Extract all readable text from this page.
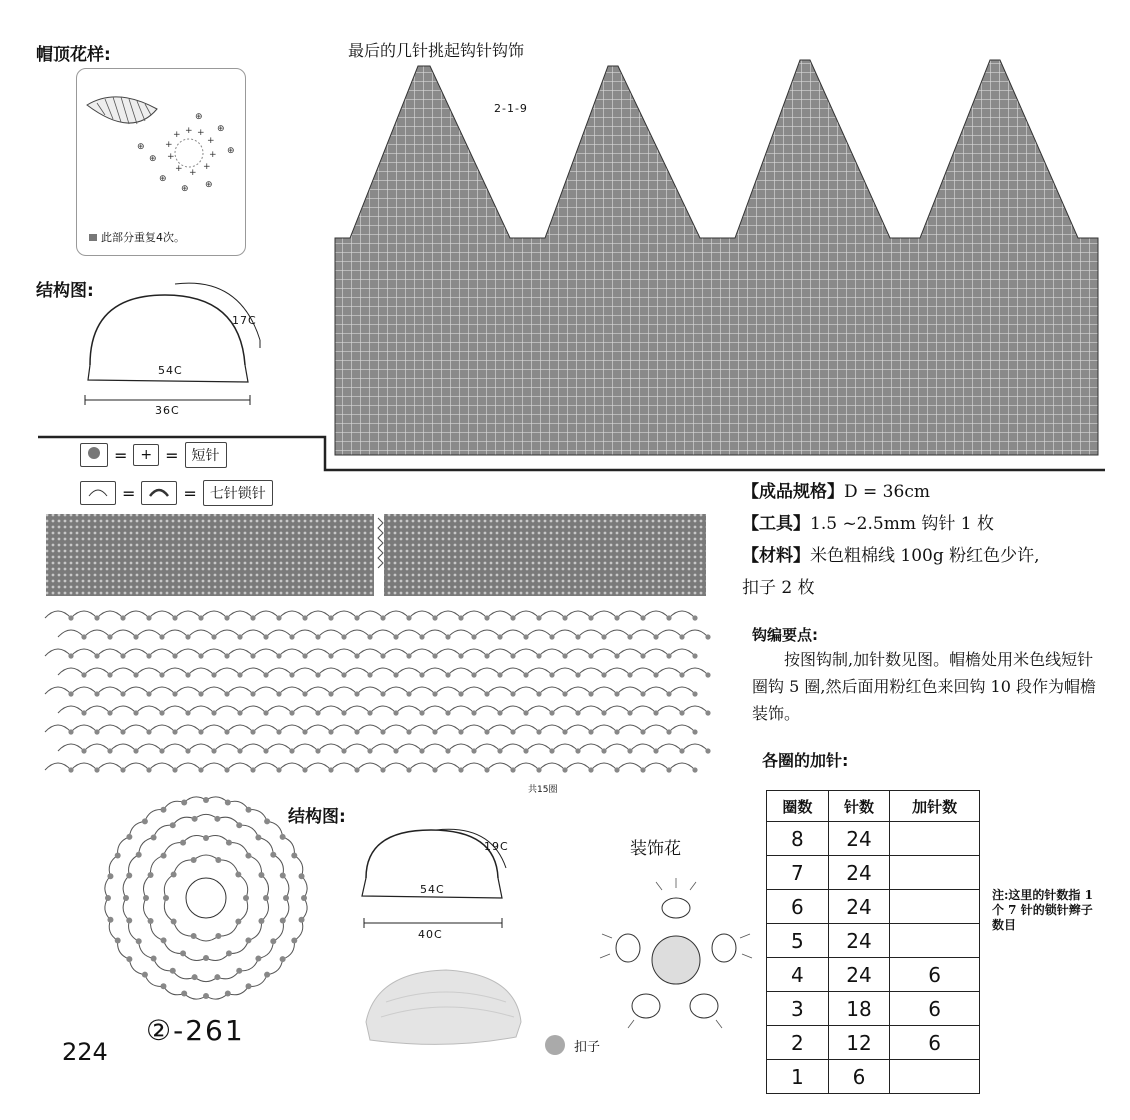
帽顶花样:
+ + +
+
+
+
+
+
+
+
⊕
⊕
⊕
⊕
⊕ ⊕
⊕
⊕
此部分重复4次。
结构图:
17C
54C
36C
最后的几针挑起钩针钩饰
2-1-9
= + = 短针
=	= 七针锁针
共15圈
结构图:
19C
54C
40C
装饰花
扣子
224
②-261
【成品规格】D = 36cm
【工具】1.5 ~2.5mm 钩针 1 枚
【材料】米色粗棉线 100g 粉红色少许,
扣子 2 枚
钩编要点:
按图钩制,加针数见图。帽檐处用米色线短针圈钩 5 圈,然后面用粉红色来回钩 10 段作为帽檐装饰。
各圈的加针:
圈数	针数	加针数
8	24	
7	24	
6	24	
5	24	
4	24	6
3	18	6
2	12	6
1	6	
注:这里的针数指 1 个 7 针的锁针辫子数目
